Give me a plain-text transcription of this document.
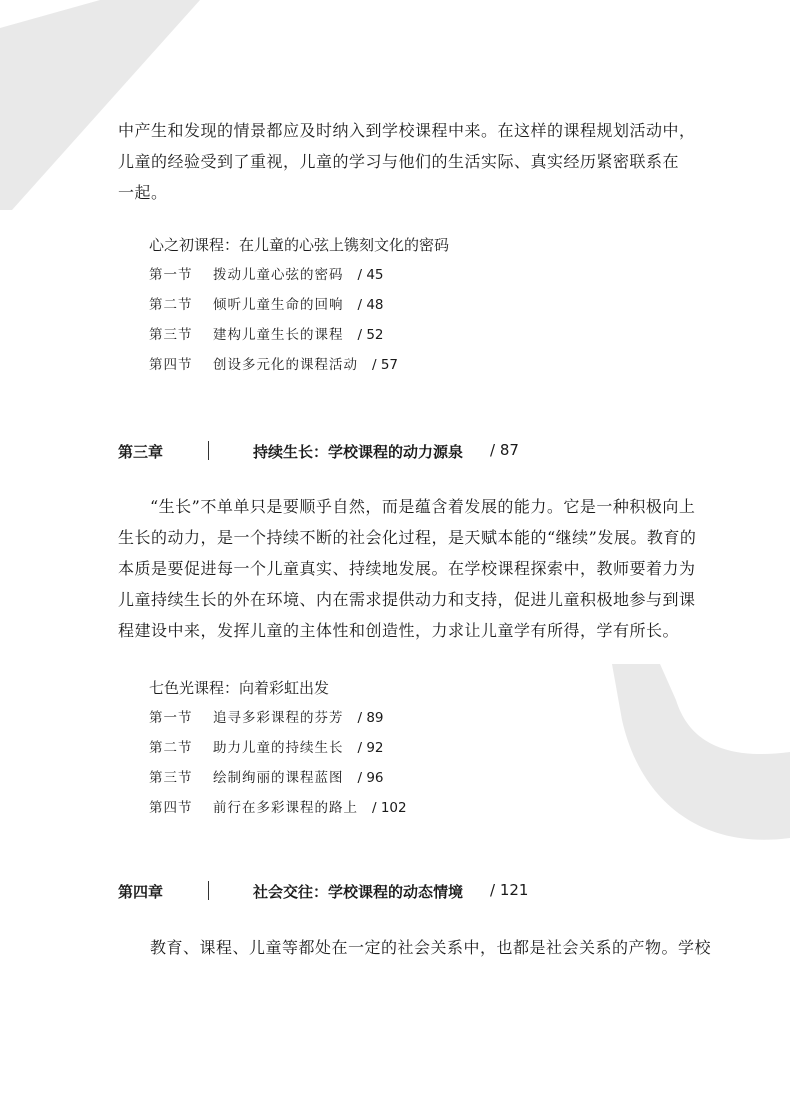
中产生和发现的情景都应及时纳入到学校课程中来。在这样的课程规划活动中，
儿童的经验受到了重视，儿童的学习与他们的生活实际、真实经历紧密联系在
一起。
心之初课程：在儿童的心弦上镌刻文化的密码
第一节 拨动儿童心弦的密码 / 45
第二节 倾听儿童生命的回响 / 48
第三节 建构儿童生长的课程 / 52
第四节 创设多元化的课程活动 / 57
第三章	持续生长：学校课程的动力源泉 / 87
“生长”不单单只是要顺乎自然，而是蕴含着发展的能力。它是一种积极向上
生长的动力，是一个持续不断的社会化过程，是天赋本能的“继续”发展。教育的
本质是要促进每一个儿童真实、持续地发展。在学校课程探索中，教师要着力为
儿童持续生长的外在环境、内在需求提供动力和支持，促进儿童积极地参与到课
程建设中来，发挥儿童的主体性和创造性，力求让儿童学有所得，学有所长。
七色光课程：向着彩虹出发
第一节 追寻多彩课程的芬芳 / 89
第二节 助力儿童的持续生长 / 92
第三节 绘制绚丽的课程蓝图 / 96
第四节 前行在多彩课程的路上 / 102
第四章	社会交往：学校课程的动态情境 / 121
教育、课程、儿童等都处在一定的社会关系中，也都是社会关系的产物。学校
